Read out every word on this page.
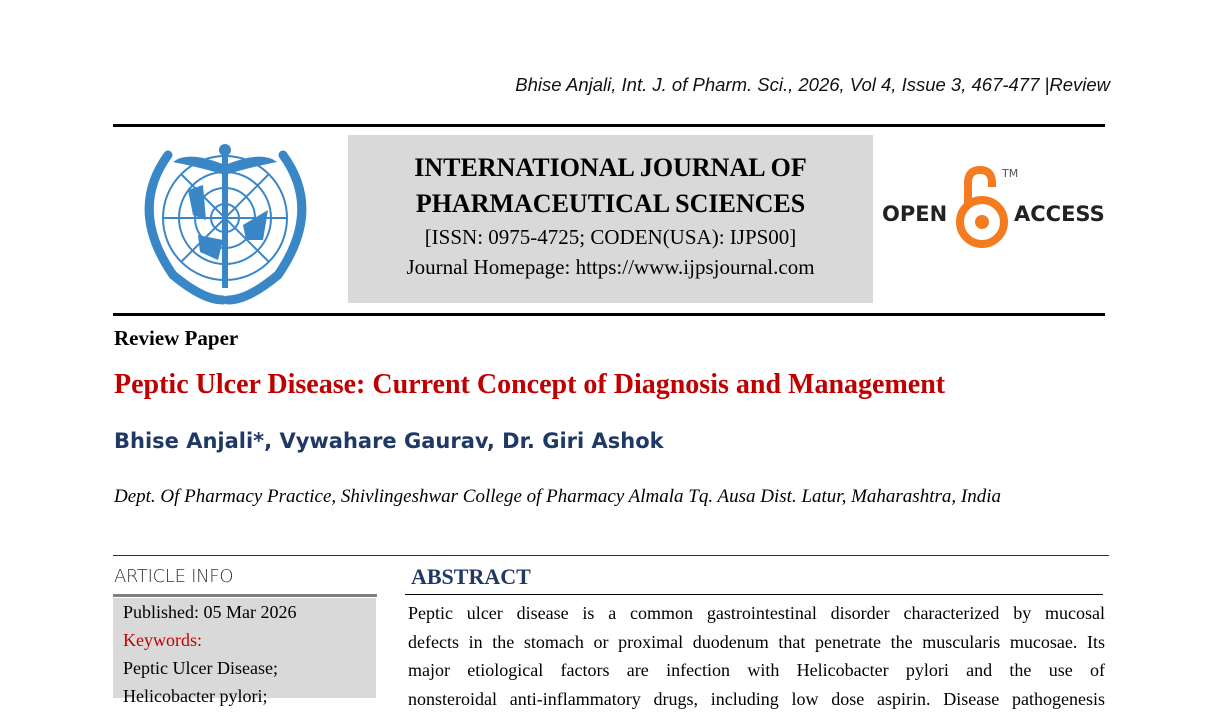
Bhise Anjali, Int. J. of Pharm. Sci., 2026, Vol 4, Issue 3, 467-477 |Review
INTERNATIONAL JOURNAL OF
PHARMACEUTICAL SCIENCES
[ISSN: 0975-4725; CODEN(USA): IJPS00]
Journal Homepage: https://www.ijpsjournal.com
OPEN
TM
ACCESS
Review Paper
Peptic Ulcer Disease: Current Concept of Diagnosis and Management
Bhise Anjali*, Vywahare Gaurav, Dr. Giri Ashok
Dept. Of Pharmacy Practice, Shivlingeshwar College of Pharmacy Almala Tq. Ausa Dist. Latur, Maharashtra, India
ARTICLE INFO
Published: 05 Mar 2026
Keywords:
Peptic Ulcer Disease;
Helicobacter pylori;
ABSTRACT

Peptic ulcer disease is a common gastrointestinal disorder characterized by mucosal

defects in the stomach or proximal duodenum that penetrate the muscularis mucosae. Its

major etiological factors are infection with Helicobacter pylori and the use of

nonsteroidal anti-inflammatory drugs, including low dose aspirin. Disease pathogenesis
